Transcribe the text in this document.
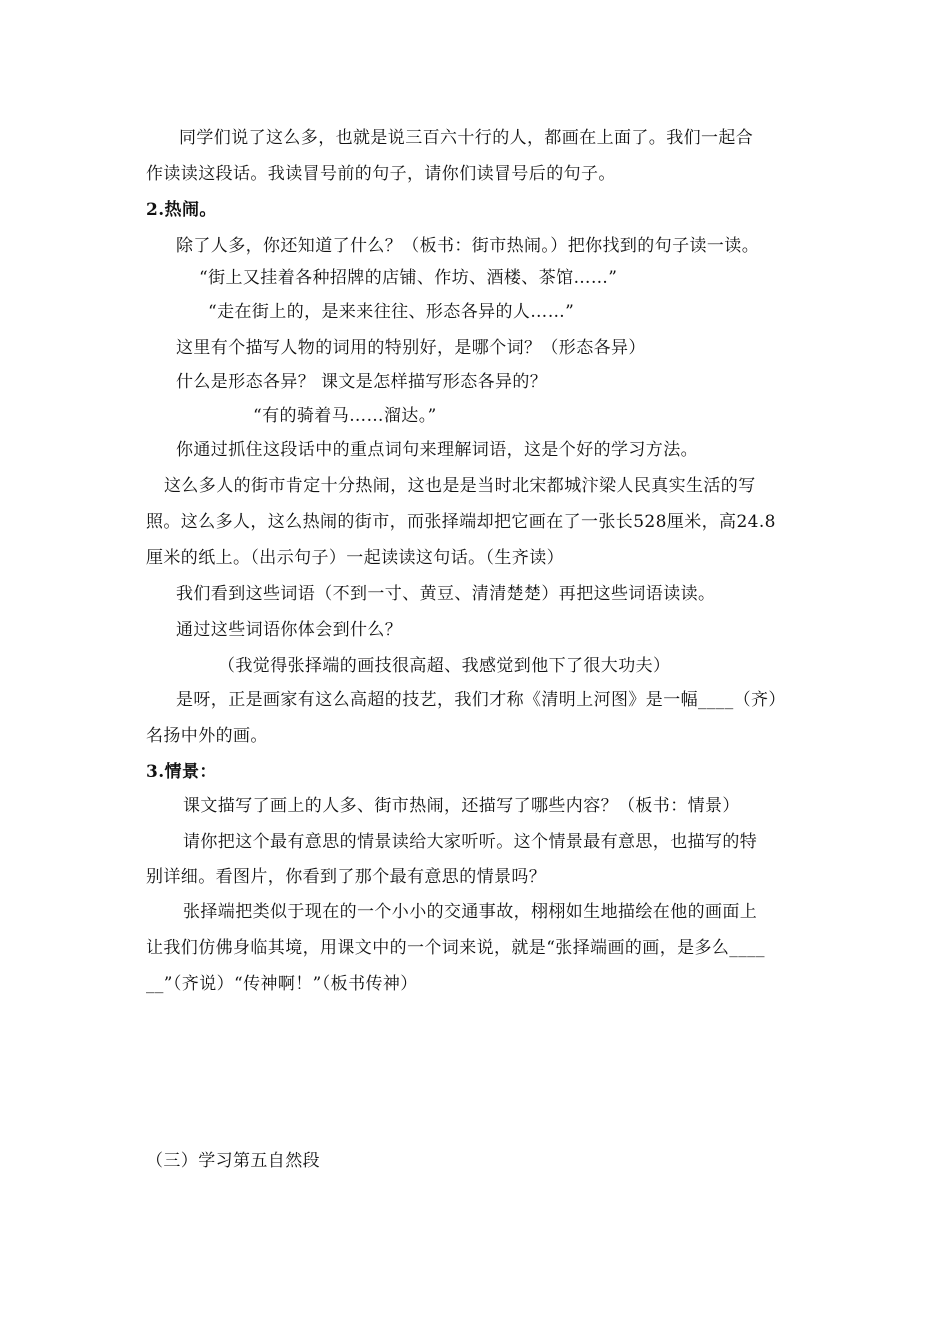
同学们说了这么多，也就是说三百六十行的人，都画在上面了。我们一起合
作读读这段话。我读冒号前的句子，请你们读冒号后的句子。
2.热闹。
除了人多，你还知道了什么？（板书：街市热闹。）把你找到的句子读一读。
“街上又挂着各种招牌的店铺、作坊、酒楼、茶馆……”
“走在街上的，是来来往往、形态各异的人……”
这里有个描写人物的词用的特别好，是哪个词？（形态各异）
什么是形态各异？ 课文是怎样描写形态各异的？
“有的骑着马……溜达。”
你通过抓住这段话中的重点词句来理解词语，这是个好的学习方法。
这么多人的街市肯定十分热闹，这也是是当时北宋都城汴梁人民真实生活的写
照。这么多人，这么热闹的街市，而张择端却把它画在了一张长528厘米，高24.8
厘米的纸上。（出示句子）一起读读这句话。（生齐读）
我们看到这些词语（不到一寸、黄豆、清清楚楚）再把这些词语读读。
通过这些词语你体会到什么？
（我觉得张择端的画技很高超、我感觉到他下了很大功夫）
是呀，正是画家有这么高超的技艺，我们才称《清明上河图》是一幅____（齐）
名扬中外的画。
3.情景：
课文描写了画上的人多、街市热闹，还描写了哪些内容？（板书：情景）
请你把这个最有意思的情景读给大家听听。这个情景最有意思，也描写的特
别详细。看图片，你看到了那个最有意思的情景吗？
张择端把类似于现在的一个小小的交通事故，栩栩如生地描绘在他的画面上
让我们仿佛身临其境，用课文中的一个词来说，就是“张择端画的画，是多么____
__”（齐说）“传神啊！”（板书传神）
（三）学习第五自然段
